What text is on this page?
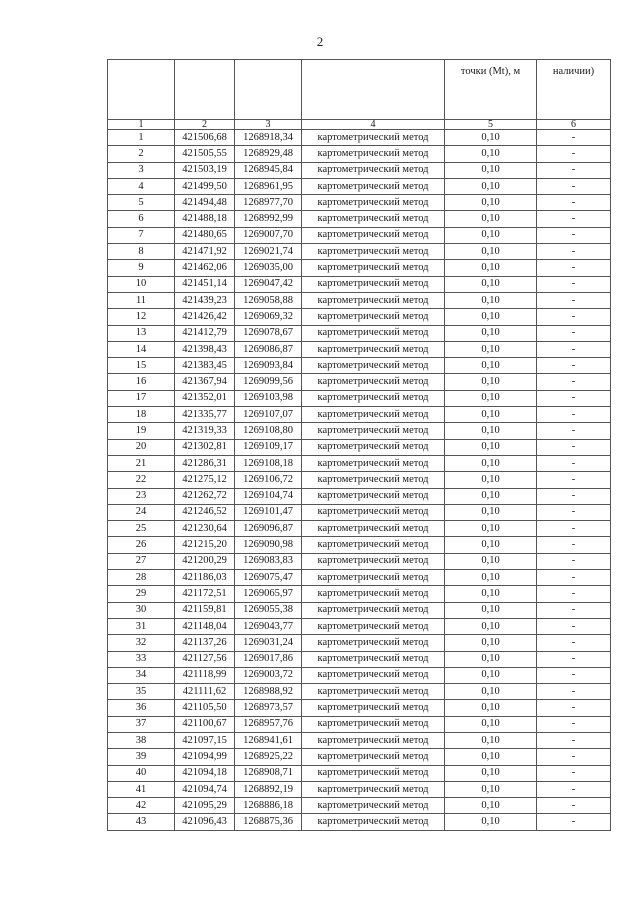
2
				точки (Mt), м	наличии)
1	2	3	4	5	6
1	421506,68	1268918,34	картометрический метод	0,10	-
2	421505,55	1268929,48	картометрический метод	0,10	-
3	421503,19	1268945,84	картометрический метод	0,10	-
4	421499,50	1268961,95	картометрический метод	0,10	-
5	421494,48	1268977,70	картометрический метод	0,10	-
6	421488,18	1268992,99	картометрический метод	0,10	-
7	421480,65	1269007,70	картометрический метод	0,10	-
8	421471,92	1269021,74	картометрический метод	0,10	-
9	421462,06	1269035,00	картометрический метод	0,10	-
10	421451,14	1269047,42	картометрический метод	0,10	-
11	421439,23	1269058,88	картометрический метод	0,10	-
12	421426,42	1269069,32	картометрический метод	0,10	-
13	421412,79	1269078,67	картометрический метод	0,10	-
14	421398,43	1269086,87	картометрический метод	0,10	-
15	421383,45	1269093,84	картометрический метод	0,10	-
16	421367,94	1269099,56	картометрический метод	0,10	-
17	421352,01	1269103,98	картометрический метод	0,10	-
18	421335,77	1269107,07	картометрический метод	0,10	-
19	421319,33	1269108,80	картометрический метод	0,10	-
20	421302,81	1269109,17	картометрический метод	0,10	-
21	421286,31	1269108,18	картометрический метод	0,10	-
22	421275,12	1269106,72	картометрический метод	0,10	-
23	421262,72	1269104,74	картометрический метод	0,10	-
24	421246,52	1269101,47	картометрический метод	0,10	-
25	421230,64	1269096,87	картометрический метод	0,10	-
26	421215,20	1269090,98	картометрический метод	0,10	-
27	421200,29	1269083,83	картометрический метод	0,10	-
28	421186,03	1269075,47	картометрический метод	0,10	-
29	421172,51	1269065,97	картометрический метод	0,10	-
30	421159,81	1269055,38	картометрический метод	0,10	-
31	421148,04	1269043,77	картометрический метод	0,10	-
32	421137,26	1269031,24	картометрический метод	0,10	-
33	421127,56	1269017,86	картометрический метод	0,10	-
34	421118,99	1269003,72	картометрический метод	0,10	-
35	421111,62	1268988,92	картометрический метод	0,10	-
36	421105,50	1268973,57	картометрический метод	0,10	-
37	421100,67	1268957,76	картометрический метод	0,10	-
38	421097,15	1268941,61	картометрический метод	0,10	-
39	421094,99	1268925,22	картометрический метод	0,10	-
40	421094,18	1268908,71	картометрический метод	0,10	-
41	421094,74	1268892,19	картометрический метод	0,10	-
42	421095,29	1268886,18	картометрический метод	0,10	-
43	421096,43	1268875,36	картометрический метод	0,10	-
